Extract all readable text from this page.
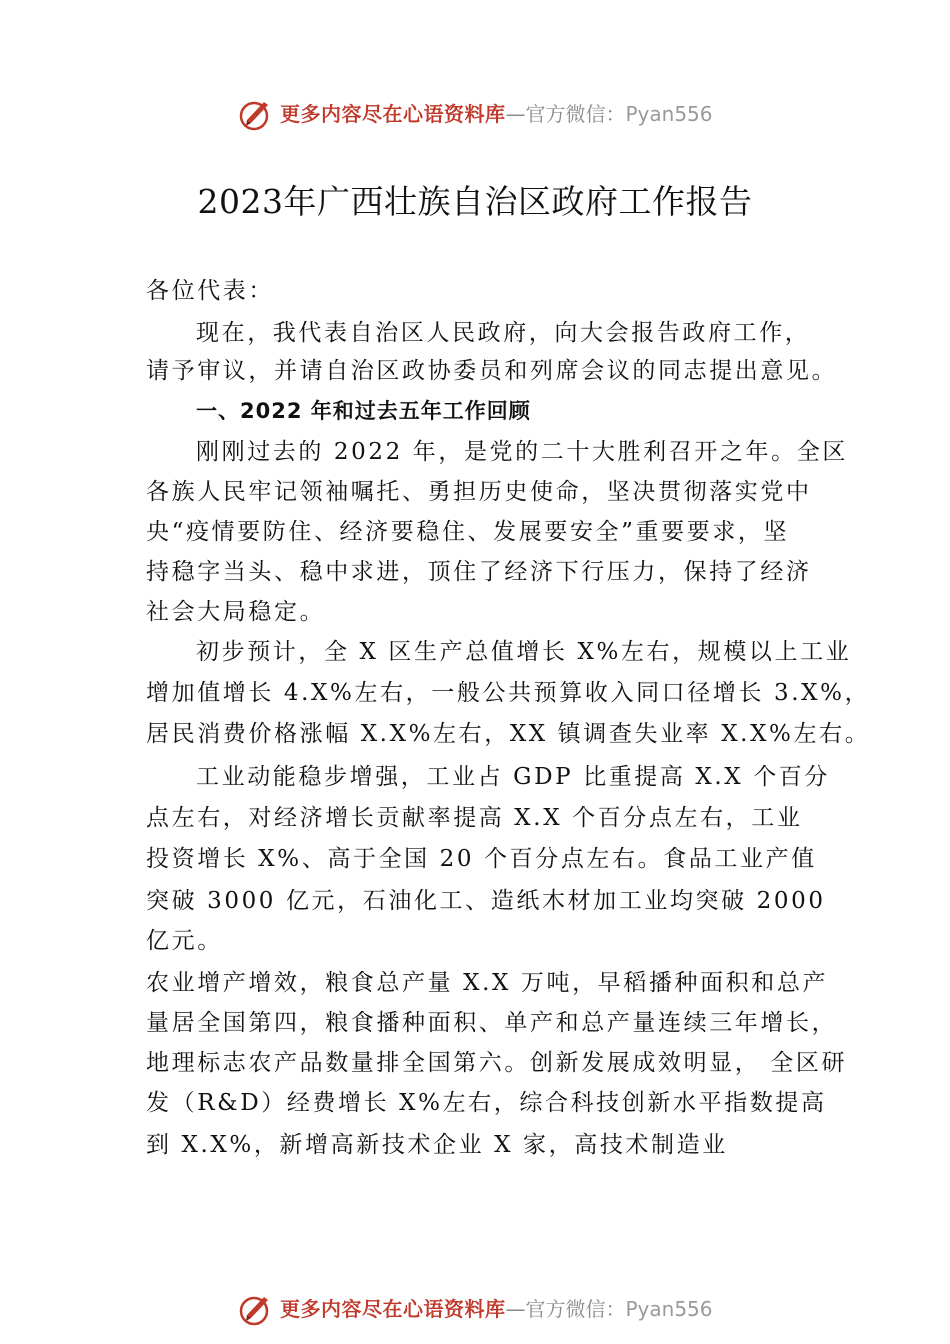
更多内容尽在心语资料库—官方微信：Pyan556
2023年广西壮族自治区政府工作报告
各位代表：
现在，我代表自治区人民政府，向大会报告政府工作，
请予审议，并请自治区政协委员和列席会议的同志提出意见。
一、2022 年和过去五年工作回顾
刚刚过去的 2022 年，是党的二十大胜利召开之年。全区
各族人民牢记领袖嘱托、勇担历史使命，坚决贯彻落实党中
央“疫情要防住、经济要稳住、发展要安全”重要要求，坚
持稳字当头、稳中求进，顶住了经济下行压力，保持了经济
社会大局稳定。
初步预计，全 X 区生产总值增长 X%左右，规模以上工业
增加值增长 4.X%左右，一般公共预算收入同口径增长 3.X%，
居民消费价格涨幅 X.X%左右，XX 镇调查失业率 X.X%左右。
工业动能稳步增强，工业占 GDP 比重提高 X.X 个百分
点左右，对经济增长贡献率提高 X.X 个百分点左右，工业
投资增长 X%、高于全国 20 个百分点左右。食品工业产值
突破 3000 亿元，石油化工、造纸木材加工业均突破 2000
亿元。
农业增产增效，粮食总产量 X.X 万吨，早稻播种面积和总产
量居全国第四，粮食播种面积、单产和总产量连续三年增长，
地理标志农产品数量排全国第六。创新发展成效明显， 全区研
发（R&D）经费增长 X%左右，综合科技创新水平指数提高
到 X.X%，新增高新技术企业 X 家，高技术制造业
更多内容尽在心语资料库—官方微信：Pyan556
